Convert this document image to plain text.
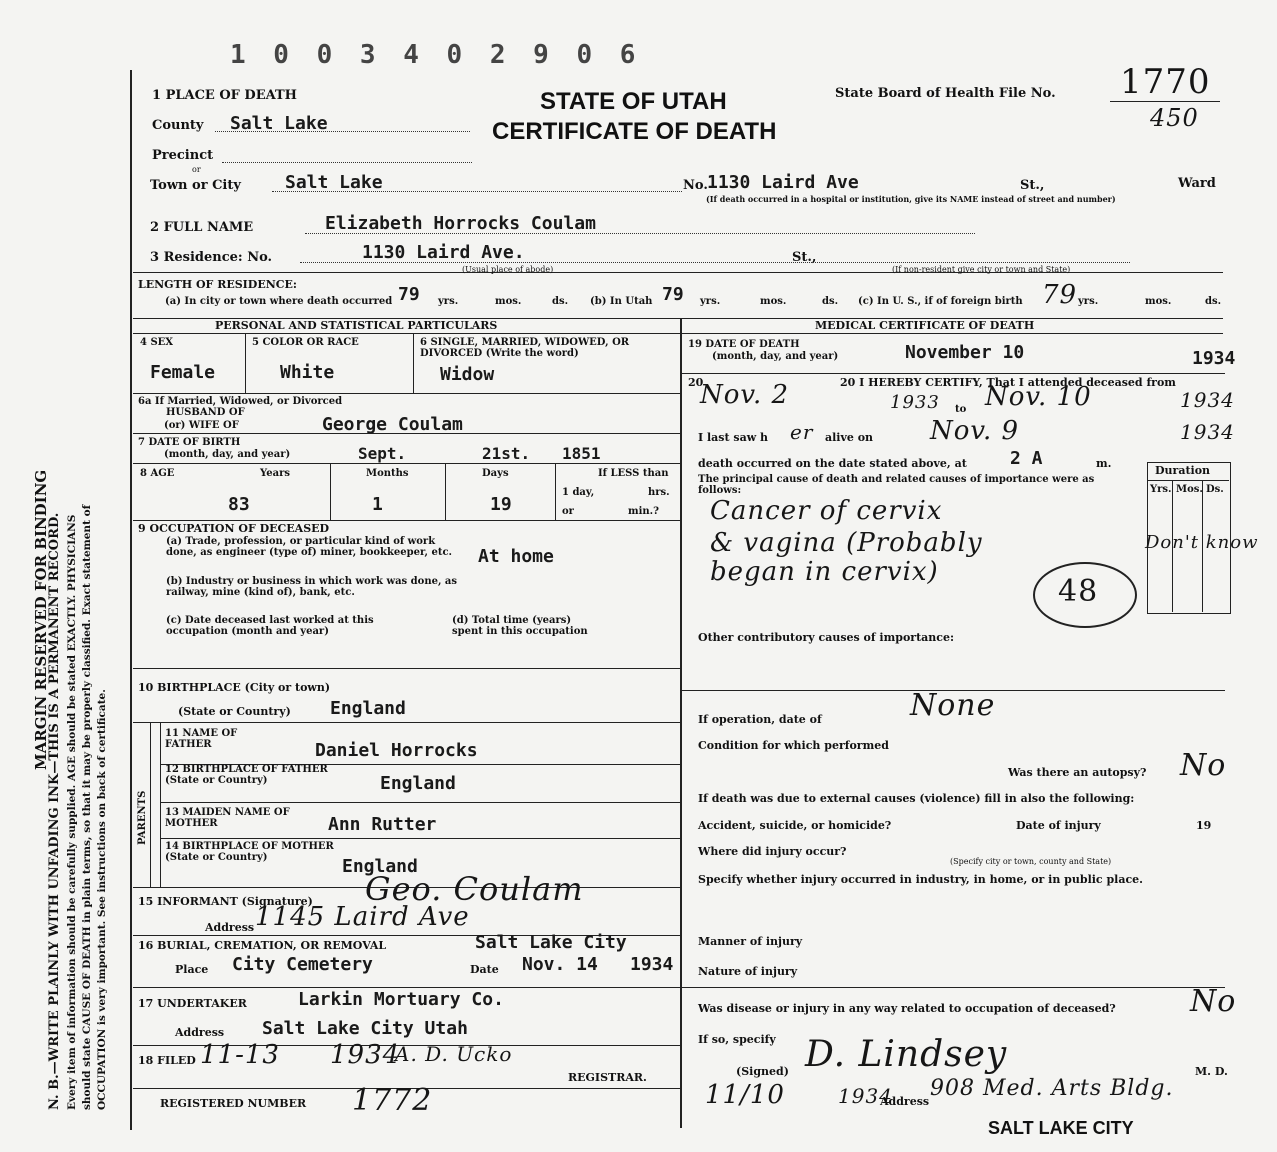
1 0 0 3 4 0 2 9 0 6
MARGIN RESERVED FOR BINDING
N. B.—WRITE PLAINLY WITH UNFADING INK—THIS IS A PERMANENT RECORD. Every item of information should be carefully supplied. AGE should be stated EXACTLY. PHYSICIANS should state CAUSE OF DEATH in plain terms, so that it may be properly classified. Exact statement of OCCUPATION is very important. See instructions on back of certificate.
1 PLACE OF DEATH	STATE OF UTAH
CERTIFICATE OF DEATH
State Board of Health File No. 1770
450
County Salt Lake
Precinct
or
Town or City Salt Lake	No. 1130 Laird Ave	St.,	Ward
(If death occurred in a hospital or institution, give its NAME instead of street and number)
2 FULL NAME	Elizabeth Horrocks Coulam
3 Residence: No.	1130 Laird Ave.	St.,
(Usual place of abode)	(If non-resident give city or town and State)
LENGTH OF RESIDENCE:
(a) In city or town where death occurred 79 yrs.	mos.	ds. (b) In Utah 79 yrs.	mos.	ds. (c) In U. S., if of foreign birth 79 yrs.	mos.	ds.
PERSONAL AND STATISTICAL PARTICULARS	MEDICAL CERTIFICATE OF DEATH
4 SEX
Female
5 COLOR OR RACE
White
6 SINGLE, MARRIED, WIDOWED, OR DIVORCED (Write the word)
Widow
6a If Married, Widowed, or Divorced
HUSBAND OF
(or) WIFE OF	George Coulam
7 DATE OF BIRTH
(month, day, and year)	Sept.	21st. 1851
8 AGE	Years
83
Months
1
Days
19
If LESS than
1 day,	hrs.
or	min.?
9 OCCUPATION OF DECEASED
(a) Trade, profession, or particular kind of work done, as engineer (type of) miner, bookkeeper, etc.	At home
(b) Industry or business in which work was done, as railway, mine (kind of), bank, etc.
(c) Date deceased last worked at this occupation (month and year)
(d) Total time (years) spent in this occupation
10 BIRTHPLACE (City or town)
(State or Country) England
PARENTS
11 NAME OF FATHER	Daniel Horrocks
12 BIRTHPLACE OF FATHER (State or Country)	England
13 MAIDEN NAME OF MOTHER	Ann Rutter
14 BIRTHPLACE OF MOTHER (State or Country)	England
15 INFORMANT (Signature) Geo. Coulam
Address 1145 Laird Ave
16 BURIAL, CREMATION, OR REMOVAL	Salt Lake City
Place City Cemetery	Date Nov. 14 1934
17 UNDERTAKER	Larkin Mortuary Co.
Address Salt Lake City Utah
18 FILED 11-13 1934
A. D. Ucko
REGISTRAR.
REGISTERED NUMBER 1772
19 DATE OF DEATH
(month, day, and year)	November 10	1934
20	20 I HEREBY CERTIFY, That I attended deceased from
Nov. 2	1933 to Nov. 10	1934
I last saw h er alive on Nov. 9	1934
death occurred on the date stated above, at 2 A	m.
The principal cause of death and related causes of importance were as follows:
Duration
Yrs. Mos. Ds.
Cancer of cervix
& vagina (Probably
began in cervix)
Don't know
48
Other contributory causes of importance:
If operation, date of	None
Condition for which performed
Was there an autopsy? No
If death was due to external causes (violence) fill in also the following:
Accident, suicide, or homicide?	Date of injury	19
Where did injury occur?
(Specify city or town, county and State)
Specify whether injury occurred in industry, in home, or in public place.
Manner of injury
Nature of injury
Was disease or injury in any way related to occupation of deceased? No
If so, specify
(Signed) D. Lindsey	M. D.
11/10	1934
Address
908 Med. Arts Bldg.
SALT LAKE CITY
